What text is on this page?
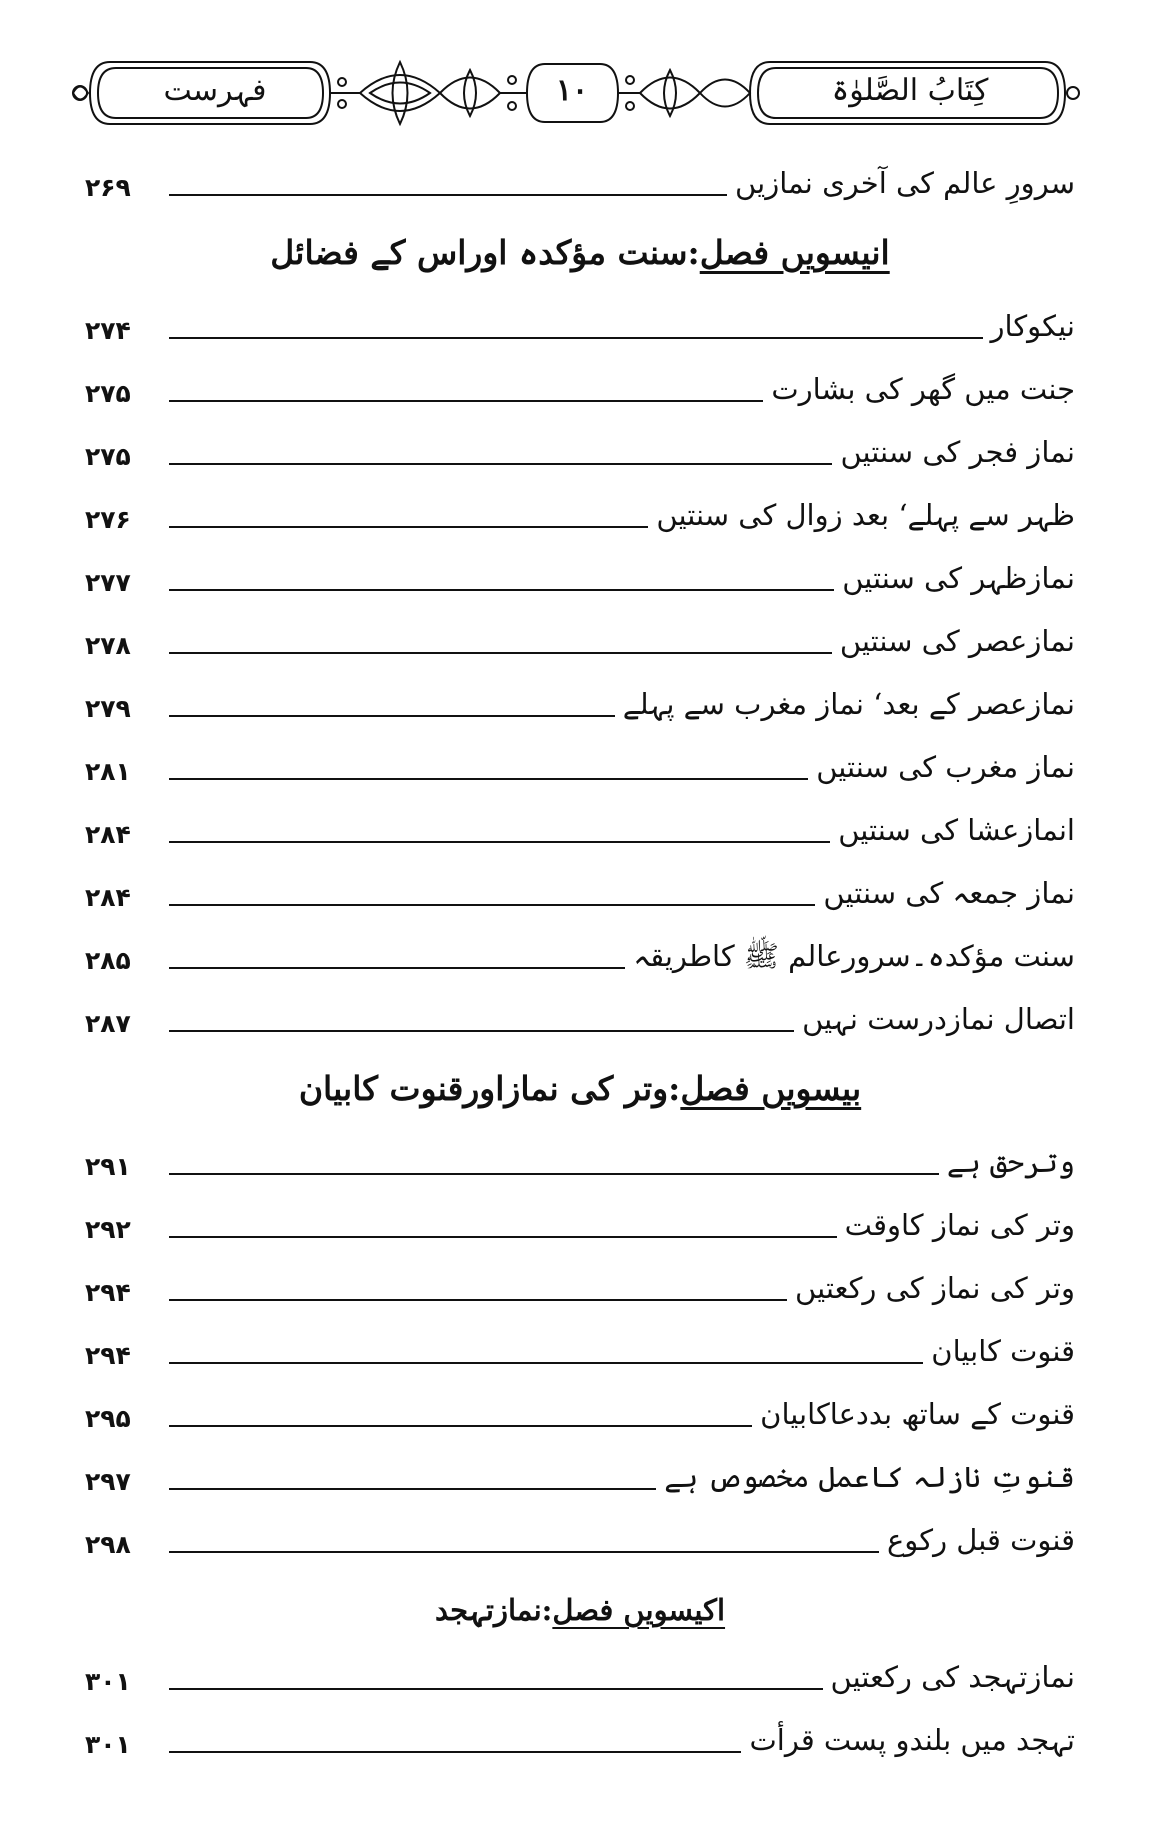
کِتَابُ الصَّلوٰۃ
۱۰
فہرست
سرورِ عالم کی آخری نمازیں
۲۶۹
انیسویں فصل:سنت مؤکدہ اوراس کے فضائل
نیکوکار
۲۷۴
جنت میں گھر کی بشارت
۲۷۵
نماز فجر کی سنتیں
۲۷۵
ظہر سے پہلے‘ بعد زوال کی سنتیں
۲۷۶
نمازظہر کی سنتیں
۲۷۷
نمازعصر کی سنتیں
۲۷۸
نمازعصر کے بعد‘ نماز مغرب سے پہلے
۲۷۹
نماز مغرب کی سنتیں
۲۸۱
انمازعشا کی سنتیں
۲۸۴
نماز جمعہ کی سنتیں
۲۸۴
سنت مؤکدہ۔سرورعالم ﷺ کاطریقہ
۲۸۵
اتصال نمازدرست نہیں
۲۸۷
بیسویں فصل:وتر کی نمازاورقنوت کابیان
وترحق ہے
۲۹۱
وتر کی نماز کاوقت
۲۹۲
وتر کی نماز کی رکعتیں
۲۹۴
قنوت کابیان
۲۹۴
قنوت کے ساتھ بددعاکابیان
۲۹۵
قنوتِ نازلہ کاعمل مخصوص ہے
۲۹۷
قنوت قبل رکوع
۲۹۸
اکیسویں فصل:نمازتہجد
نمازتہجد کی رکعتیں
۳۰۱
تہجد میں بلندو پست قرأت
۳۰۱
